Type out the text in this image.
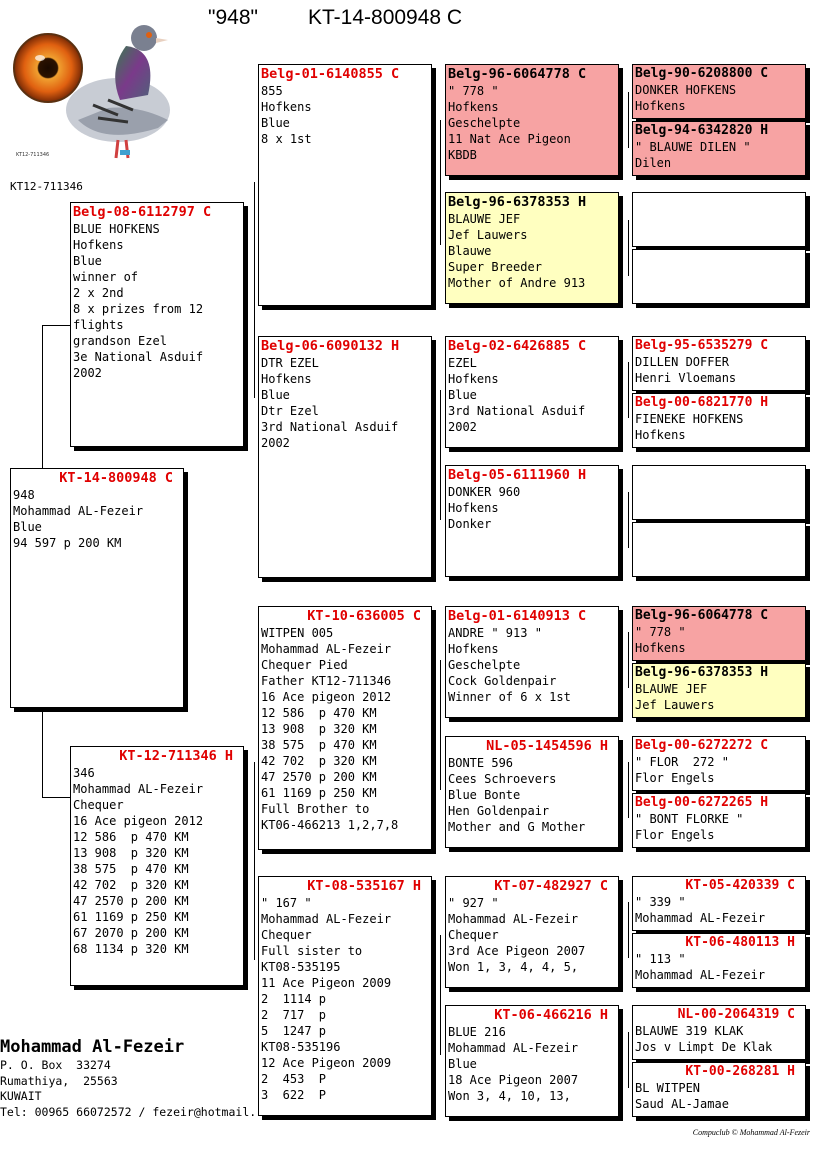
"948" KT-14-800948 C
KT12-711346
KT12-711346
KT-14-800948 C
948
Mohammad AL-Fezeir
Blue
94 597 p 200 KM
Belg-08-6112797 C
BLUE HOFKENS
Hofkens
Blue
winner of
2 x 2nd
8 x prizes from 12
flights
grandson Ezel
3e National Asduif
2002
KT-12-711346 H
346
Mohammad AL-Fezeir
Chequer
16 Ace pigeon 2012
12 586  p 470 KM
13 908  p 320 KM
38 575  p 470 KM
42 702  p 320 KM
47 2570 p 200 KM
61 1169 p 250 KM
67 2070 p 200 KM
68 1134 p 320 KM
Belg-01-6140855 C
855
Hofkens
Blue
8 x 1st
Belg-06-6090132 H
DTR EZEL
Hofkens
Blue
Dtr Ezel
3rd National Asduif
2002
KT-10-636005 C
WITPEN 005
Mohammad AL-Fezeir
Chequer Pied
Father KT12-711346
16 Ace pigeon 2012
12 586  p 470 KM
13 908  p 320 KM
38 575  p 470 KM
42 702  p 320 KM
47 2570 p 200 KM
61 1169 p 250 KM
Full Brother to
KT06-466213 1,2,7,8
KT-08-535167 H
" 167 "
Mohammad AL-Fezeir
Chequer
Full sister to
KT08-535195
11 Ace Pigeon 2009
2  1114 p
2  717  p
5  1247 p
KT08-535196
12 Ace Pigeon 2009
2  453  P
3  622  P
Belg-96-6064778 C
" 778 "
Hofkens
Geschelpte
11 Nat Ace Pigeon
KBDB
Belg-96-6378353 H
BLAUWE JEF
Jef Lauwers
Blauwe
Super Breeder
Mother of Andre 913
Belg-02-6426885 C
EZEL
Hofkens
Blue
3rd National Asduif
2002
Belg-05-6111960 H
DONKER 960
Hofkens
Donker
Belg-01-6140913 C
ANDRE " 913 "
Hofkens
Geschelpte
Cock Goldenpair
Winner of 6 x 1st
NL-05-1454596 H
BONTE 596
Cees Schroevers
Blue Bonte
Hen Goldenpair
Mother and G Mother
KT-07-482927 C
" 927 "
Mohammad AL-Fezeir
Chequer
3rd Ace Pigeon 2007
Won 1, 3, 4, 4, 5,
KT-06-466216 H
BLUE 216
Mohammad AL-Fezeir
Blue
18 Ace Pigeon 2007
Won 3, 4, 10, 13,
Belg-90-6208800 C
DONKER HOFKENS
Hofkens
Belg-94-6342820 H
" BLAUWE DILEN "
Dilen
Belg-95-6535279 C
DILLEN DOFFER
Henri Vloemans
Belg-00-6821770 H
FIENEKE HOFKENS
Hofkens
Belg-96-6064778 C
" 778 "
Hofkens
Belg-96-6378353 H
BLAUWE JEF
Jef Lauwers
Belg-00-6272272 C
" FLOR  272 "
Flor Engels
Belg-00-6272265 H
" BONT FLORKE "
Flor Engels
KT-05-420339 C
" 339 "
Mohammad AL-Fezeir
KT-06-480113 H
" 113 "
Mohammad AL-Fezeir
NL-00-2064319 C
BLAUWE 319 KLAK
Jos v Limpt De Klak
KT-00-268281 H
BL WITPEN
Saud AL-Jamae
Mohammad Al-Fezeir
P. O. Box  33274
Rumathiya,  25563
KUWAIT
Tel: 00965 66072572 / fezeir@hotmail.
Compuclub © Mohammad Al-Fezeir
